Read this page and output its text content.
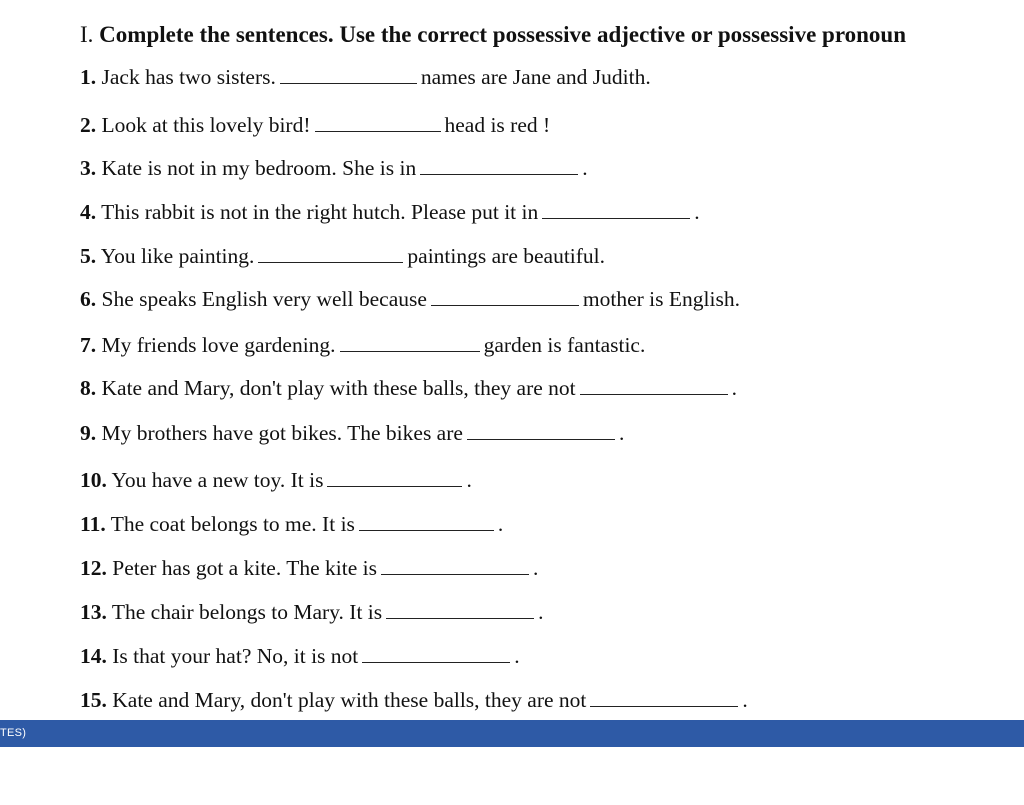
I. Complete the sentences. Use the correct possessive adjective or possessive pronoun
1. Jack has two sisters.	names are Jane and Judith.
2. Look at this lovely bird!	head is red !
3. Kate is not in my bedroom. She is in	.
4. This rabbit is not in the right hutch. Please put it in	.
5. You like painting.	paintings are beautiful.
6. She speaks English very well because	mother is English.
7. My friends love gardening.	garden is fantastic.
8. Kate and Mary, don't play with these balls, they are not	.
9. My brothers have got bikes. The bikes are	.
10. You have a new toy. It is	.
11. The coat belongs to me. It is	.
12. Peter has got a kite. The kite is	.
13. The chair belongs to Mary. It is	.
14. Is that your hat? No, it is not	.
15. Kate and Mary, don't play with these balls, they are not	.
TES)
